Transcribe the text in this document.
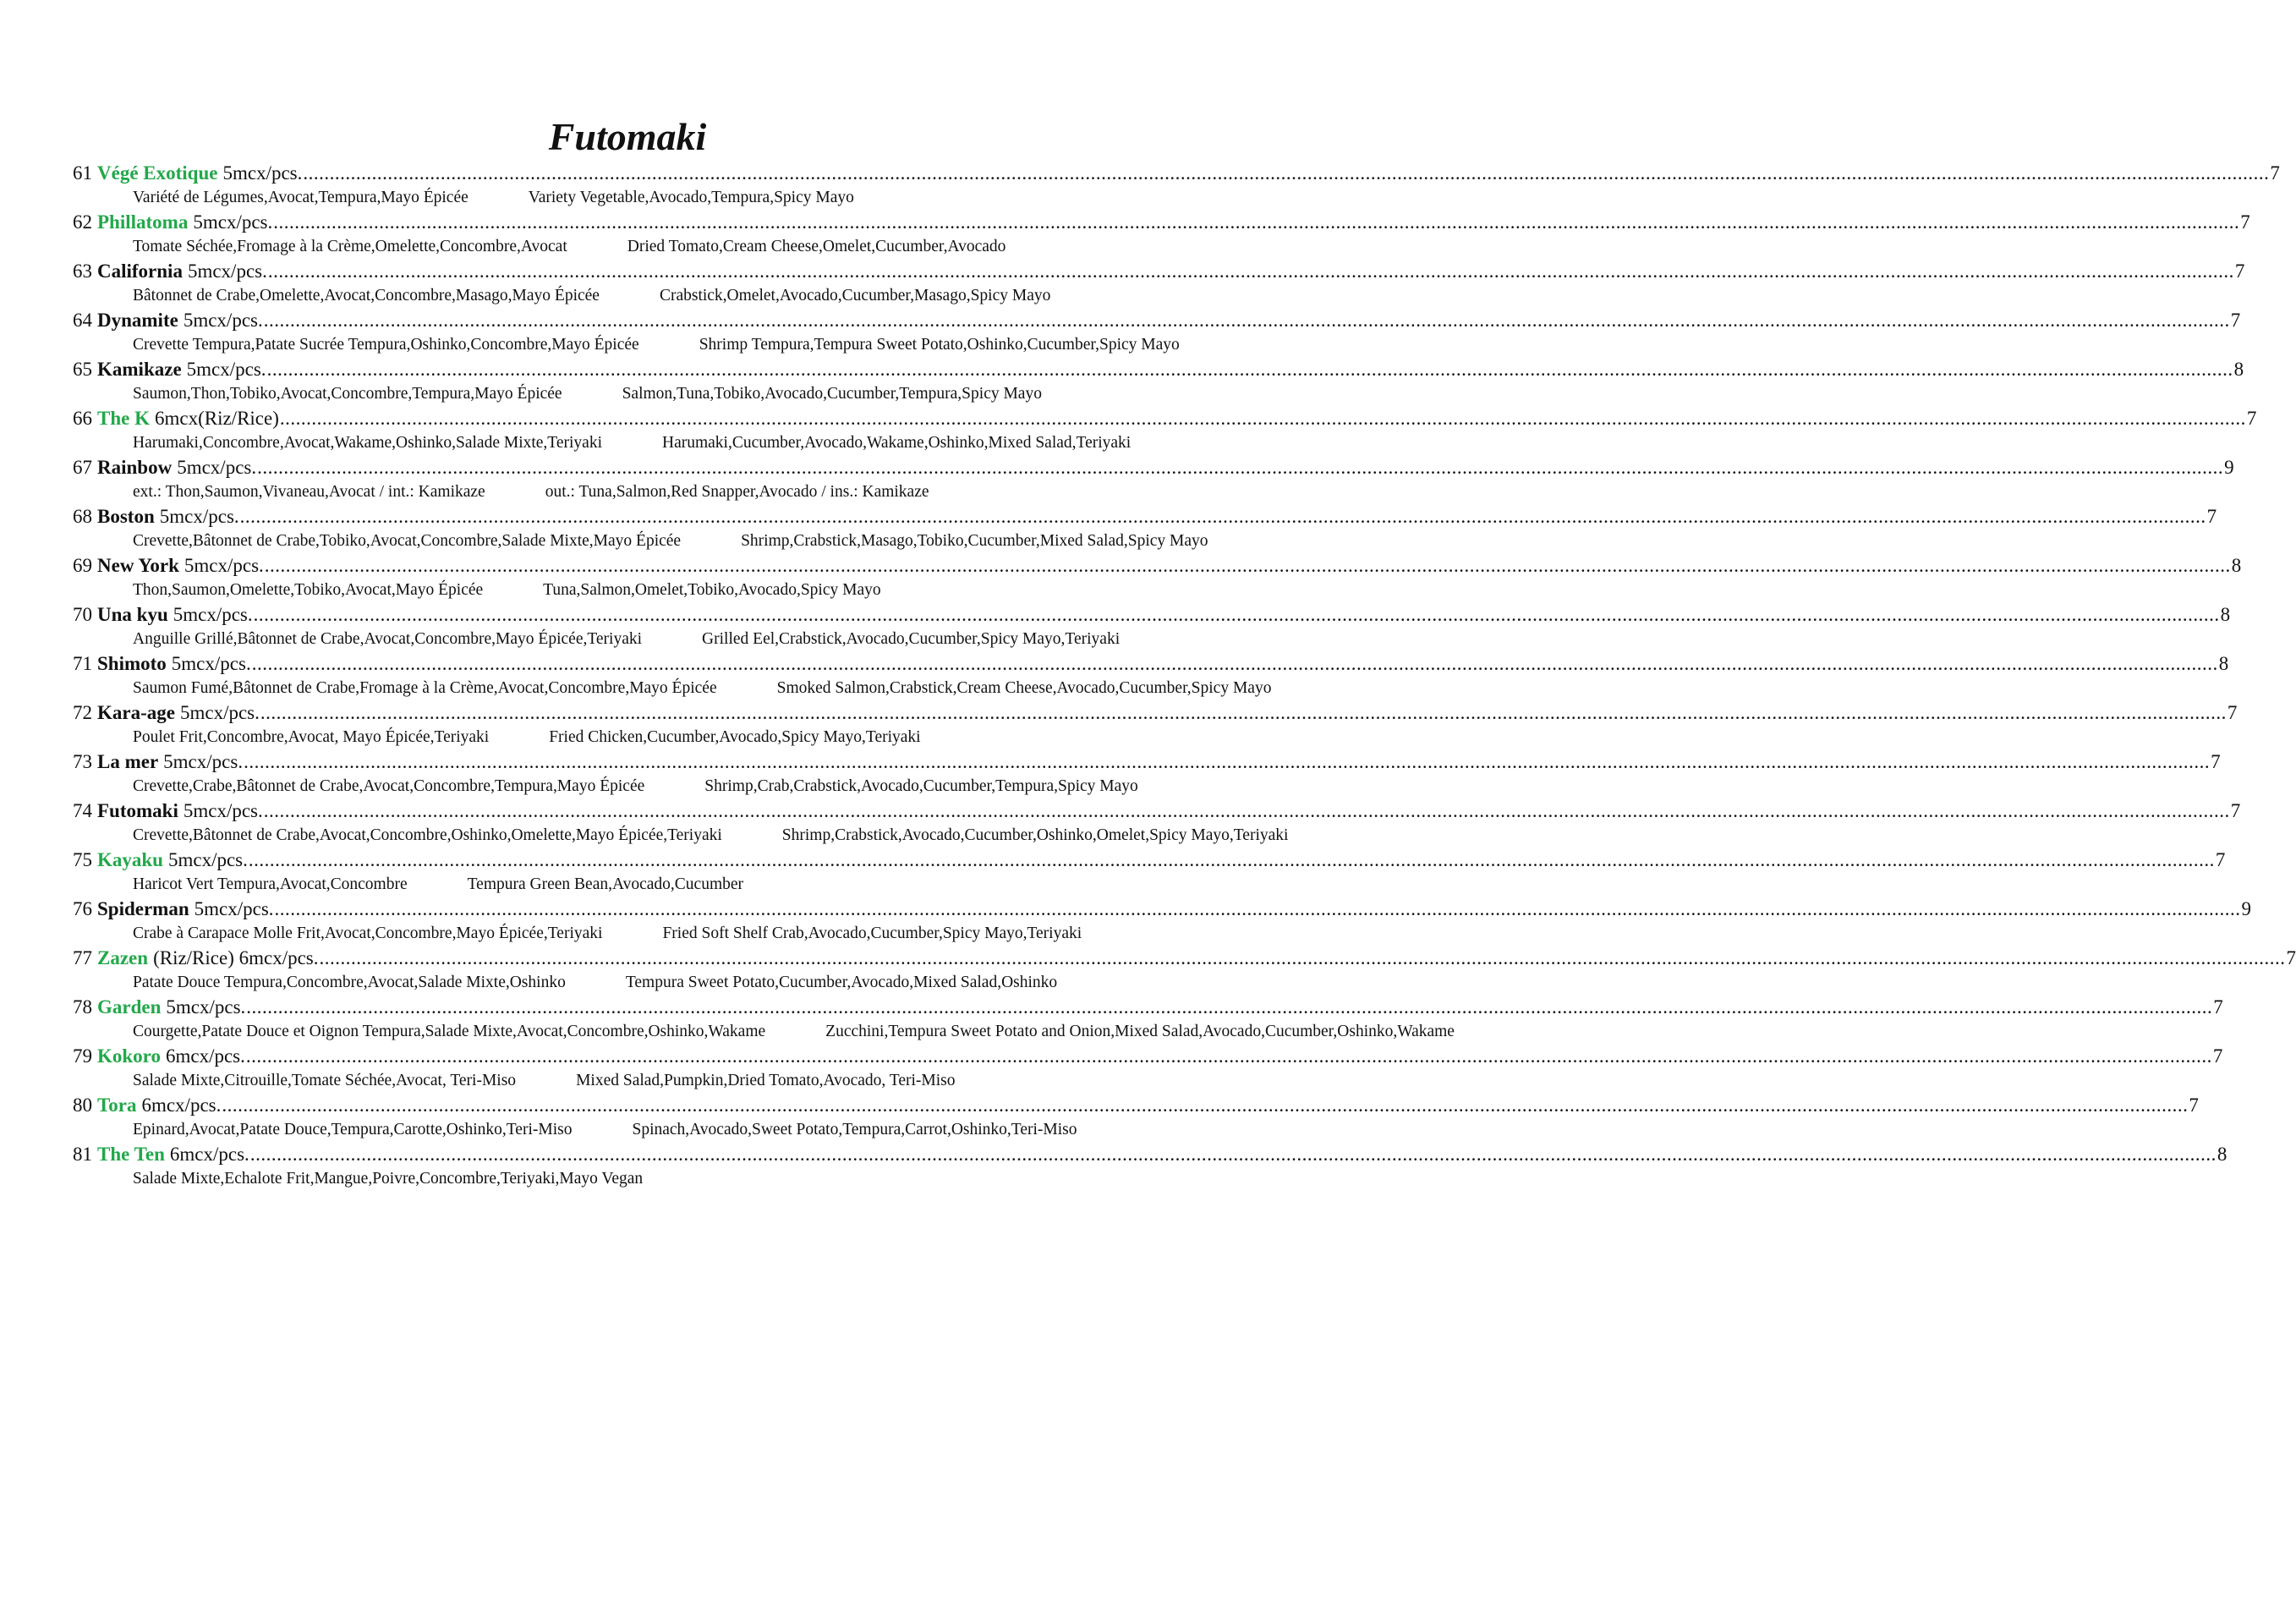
Futomaki
61 Végé Exotique 5mcx/pcs. .....	7
Variété de Légumes,Avocat,Tempura,Mayo Épicée	Variety Vegetable,Avocado,Tempura,Spicy Mayo
62 Phillatoma 5mcx/pcs. .....	7
Tomate Séchée,Fromage à la Crème,Omelette,Concombre,Avocat	Dried Tomato,Cream Cheese,Omelet,Cucumber,Avocado
63 California 5mcx/pcs. .....	7
Bâtonnet de Crabe,Omelette,Avocat,Concombre,Masago,Mayo Épicée	Crabstick,Omelet,Avocado,Cucumber,Masago,Spicy Mayo
64 Dynamite 5mcx/pcs. .....	7
Crevette Tempura,Patate Sucrée Tempura,Oshinko,Concombre,Mayo Épicée	Shrimp Tempura,Tempura Sweet Potato,Oshinko,Cucumber,Spicy Mayo
65 Kamikaze 5mcx/pcs. .....	8
Saumon,Thon,Tobiko,Avocat,Concombre,Tempura,Mayo Épicée	Salmon,Tuna,Tobiko,Avocado,Cucumber,Tempura,Spicy Mayo
66 The K 6mcx(Riz/Rice) .....	7
Harumaki,Concombre,Avocat,Wakame,Oshinko,Salade Mixte,Teriyaki	Harumaki,Cucumber,Avocado,Wakame,Oshinko,Mixed Salad,Teriyaki
67 Rainbow 5mcx/pcs. .....	9
ext.: Thon,Saumon,Vivaneau,Avocat / int.: Kamikaze	out.: Tuna,Salmon,Red Snapper,Avocado / ins.: Kamikaze
68 Boston 5mcx/pcs. .....	7
Crevette,Bâtonnet de Crabe,Tobiko,Avocat,Concombre,Salade Mixte,Mayo Épicée	Shrimp,Crabstick,Masago,Tobiko,Cucumber,Mixed Salad,Spicy Mayo
69 New York 5mcx/pcs. .....	8
Thon,Saumon,Omelette,Tobiko,Avocat,Mayo Épicée	Tuna,Salmon,Omelet,Tobiko,Avocado,Spicy Mayo
70 Una kyu 5mcx/pcs. .....	8
Anguille Grillé,Bâtonnet de Crabe,Avocat,Concombre,Mayo Épicée,Teriyaki	Grilled Eel,Crabstick,Avocado,Cucumber,Spicy Mayo,Teriyaki
71 Shimoto 5mcx/pcs. .....	8
Saumon Fumé,Bâtonnet de Crabe,Fromage à la Crème,Avocat,Concombre,Mayo Épicée	Smoked Salmon,Crabstick,Cream Cheese,Avocado,Cucumber,Spicy Mayo
72 Kara-age 5mcx/pcs. .....	7
Poulet Frit,Concombre,Avocat, Mayo Épicée,Teriyaki	Fried Chicken,Cucumber,Avocado,Spicy Mayo,Teriyaki
73 La mer 5mcx/pcs. .....	7
Crevette,Crabe,Bâtonnet de Crabe,Avocat,Concombre,Tempura,Mayo Épicée	Shrimp,Crab,Crabstick,Avocado,Cucumber,Tempura,Spicy Mayo
74 Futomaki 5mcx/pcs. .....	7
Crevette,Bâtonnet de Crabe,Avocat,Concombre,Oshinko,Omelette,Mayo Épicée,Teriyaki	Shrimp,Crabstick,Avocado,Cucumber,Oshinko,Omelet,Spicy Mayo,Teriyaki
75 Kayaku 5mcx/pcs. .....	7
Haricot Vert Tempura,Avocat,Concombre	Tempura Green Bean,Avocado,Cucumber
76 Spiderman 5mcx/pcs. .....	9
Crabe à Carapace Molle Frit,Avocat,Concombre,Mayo Épicée,Teriyaki	Fried Soft Shelf Crab,Avocado,Cucumber,Spicy Mayo,Teriyaki
77 Zazen (Riz/Rice) 6mcx/pcs. .....	7
Patate Douce Tempura,Concombre,Avocat,Salade Mixte,Oshinko	Tempura Sweet Potato,Cucumber,Avocado,Mixed Salad,Oshinko
78 Garden 5mcx/pcs. .....	7
Courgette,Patate Douce et Oignon Tempura,Salade Mixte,Avocat,Concombre,Oshinko,Wakame	Zucchini,Tempura Sweet Potato and Onion,Mixed Salad,Avocado,Cucumber,Oshinko,Wakame
79 Kokoro 6mcx/pcs. .....	7
Salade Mixte,Citrouille,Tomate Séchée,Avocat, Teri-Miso	Mixed Salad,Pumpkin,Dried Tomato,Avocado, Teri-Miso
80 Tora 6mcx/pcs. .....	7
Epinard,Avocat,Patate Douce,Tempura,Carotte,Oshinko,Teri-Miso	Spinach,Avocado,Sweet Potato,Tempura,Carrot,Oshinko,Teri-Miso
81 The Ten 6mcx/pcs. .....	8
Salade Mixte,Echalote Frit,Mangue,Poivre,Concombre,Teriyaki,Mayo Vegan
